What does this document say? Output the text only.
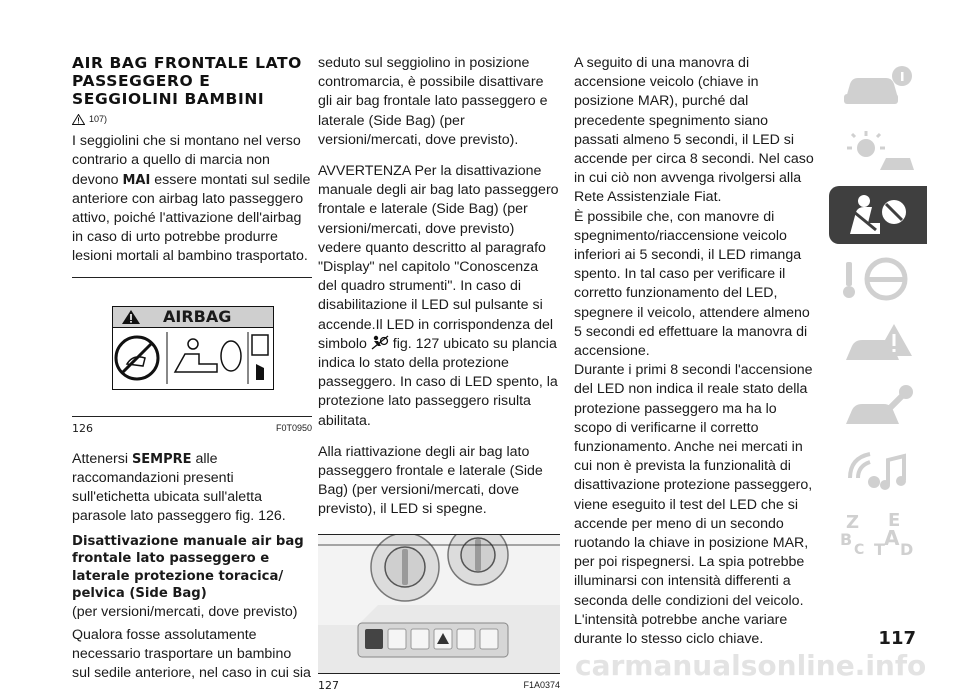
AIR BAG FRONTALE LATO PASSEGGERO E SEGGIOLINI BAMBINI

107)

I seggiolini che si montano nel verso contrario a quello di marcia non devono MAI essere montati sul sedile anteriore con airbag lato passeggero attivo, poiché l'attivazione dell'airbag in caso di urto potrebbe produrre lesioni mortali al bambino trasportato.

AIRBAG
126	F0T0950

Attenersi SEMPRE alle raccomandazioni presenti sull'etichetta ubicata sull'aletta parasole lato passeggero fig. 126.

Disattivazione manuale air bag frontale lato passeggero e laterale protezione toracica/ pelvica (Side Bag)

(per versioni/mercati, dove previsto)

Qualora fosse assolutamente necessario trasportare un bambino sul sedile anteriore, nel caso in cui sia

seduto sul seggiolino in posizione contromarcia, è possibile disattivare gli air bag frontale lato passeggero e laterale (Side Bag) (per versioni/mercati, dove previsto).

AVVERTENZA Per la disattivazione manuale degli air bag lato passeggero frontale e laterale (Side Bag) (per versioni/mercati, dove previsto) vedere quanto descritto al paragrafo "Display" nel capitolo "Conoscenza del quadro strumenti". In caso di disabilitazione il LED sul pulsante si accende.Il LED in corrispondenza del simbolo  fig. 127 ubicato su plancia indica lo stato della protezione passeggero. In caso di LED spento, la protezione lato passeggero risulta abilitata.

Alla riattivazione degli air bag lato passeggero frontale e laterale (Side Bag) (per versioni/mercati, dove previsto), il LED si spegne.

127	F1A0374

A seguito di una manovra di accensione veicolo (chiave in posizione MAR), purché dal precedente spegnimento siano passati almeno 5 secondi, il LED si accende per circa 8 secondi. Nel caso in cui ciò non avvenga rivolgersi alla Rete Assistenziale Fiat.

È possibile che, con manovre di spegnimento/riaccensione veicolo inferiori ai 5 secondi, il LED rimanga spento. In tal caso per verificare il corretto funzionamento del LED, spegnere il veicolo, attendere almeno 5 secondi ed effettuare la manovra di accensione.

Durante i primi 8 secondi l'accensione del LED non indica il reale stato della protezione passeggero ma ha lo scopo di verificarne il corretto funzionamento. Anche nei mercati in cui non è prevista la funzionalità di disattivazione protezione passeggero, viene eseguito il test del LED che si accende per meno di un secondo ruotando la chiave in posizione MAR, per poi rispegnersi. La spia potrebbe illuminarsi con intensità differenti a seconda delle condizioni del veicolo. L'intensità potrebbe anche variare durante lo stesso ciclo chiave.

Z E
B A
C T D
117
carmanualsonline.info
